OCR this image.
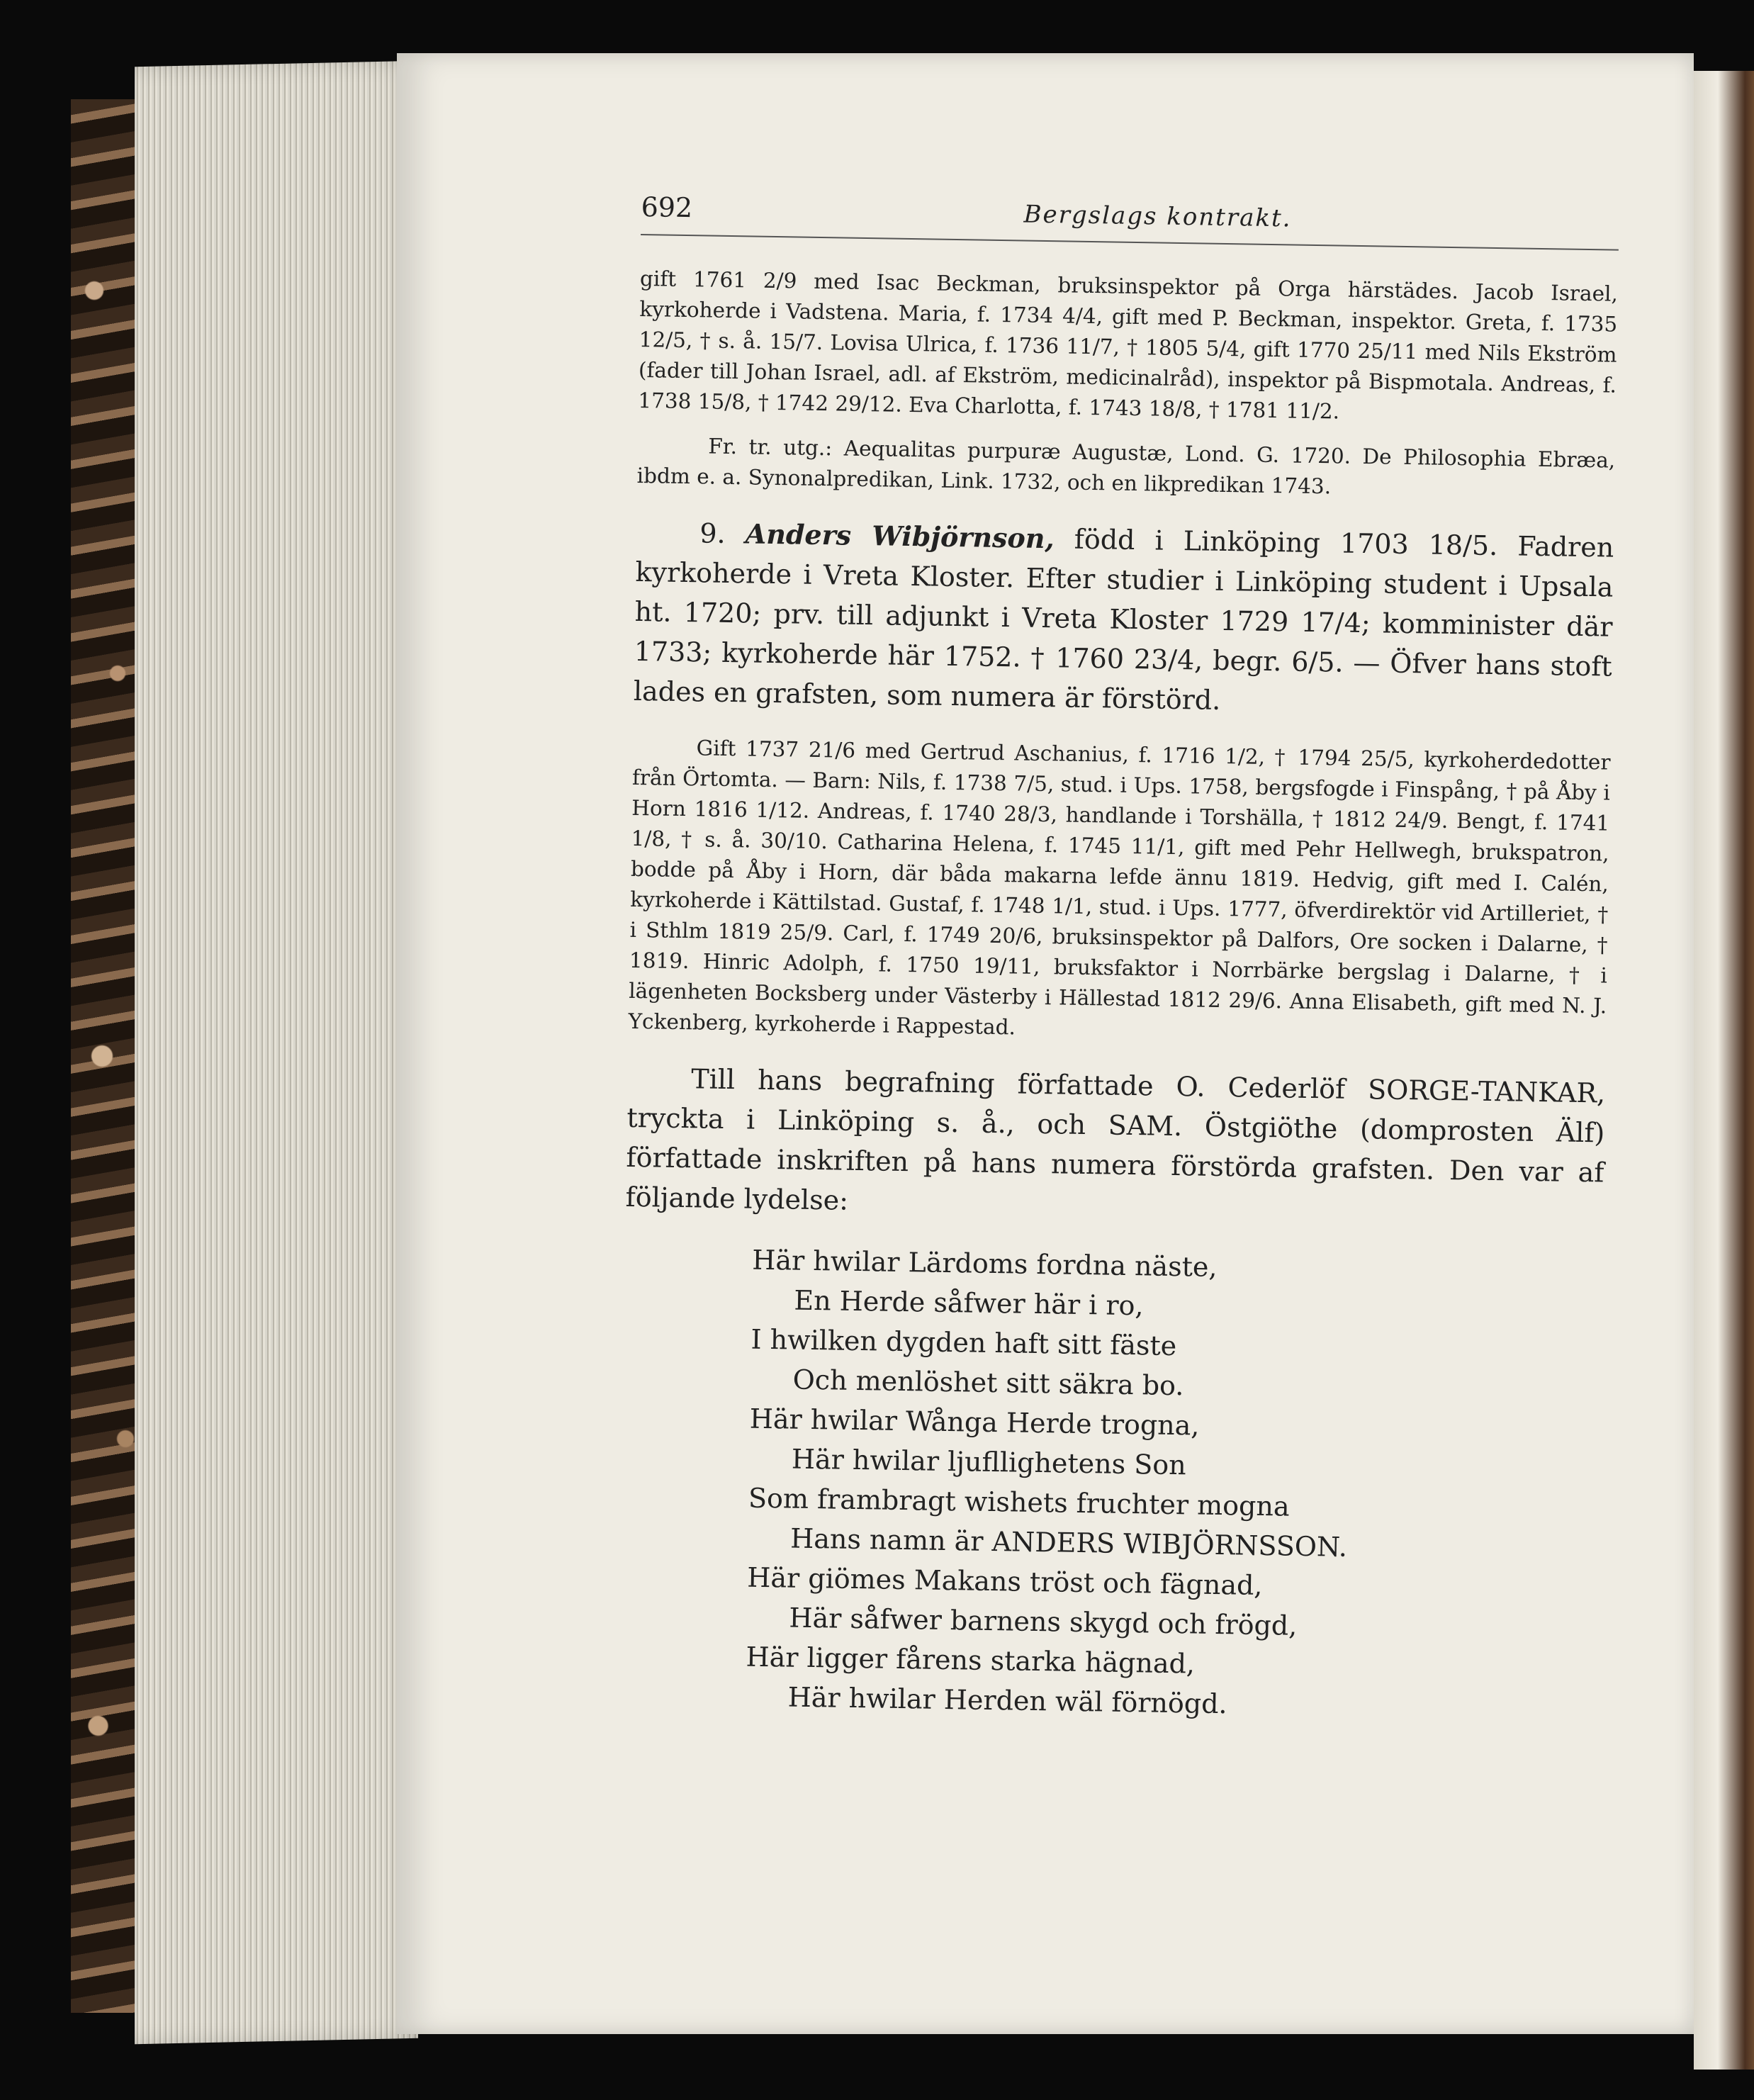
692	Bergslags kontrakt.

gift 1761 2/9 med Isac Beckman, bruksinspektor på Orga härstädes. Jacob Israel, kyrkoherde i Vadstena. Maria, f. 1734 4/4, gift med P. Beckman, inspektor. Greta, f. 1735 12/5, † s. å. 15/7. Lovisa Ulrica, f. 1736 11/7, † 1805 5/4, gift 1770 25/11 med Nils Ekström (fader till Johan Israel, adl. af Ekström, medicinalråd), inspektor på Bispmotala. Andreas, f. 1738 15/8, † 1742 29/12. Eva Charlotta, f. 1743 18/8, † 1781 11/2.

Fr. tr. utg.: Aequalitas purpuræ Augustæ, Lond. G. 1720. De Philosophia Ebræa, ibdm e. a. Synonalpredikan, Link. 1732, och en likpredikan 1743.

9. Anders Wibjörnson, född i Linköping 1703 18/5. Fadren kyrkoherde i Vreta Kloster. Efter studier i Linköping student i Upsala ht. 1720; prv. till adjunkt i Vreta Kloster 1729 17/4; komminister där 1733; kyrkoherde här 1752. † 1760 23/4, begr. 6/5. — Öfver hans stoft lades en grafsten, som numera är förstörd.

Gift 1737 21/6 med Gertrud Aschanius, f. 1716 1/2, † 1794 25/5, kyrkoherdedotter från Örtomta. — Barn: Nils, f. 1738 7/5, stud. i Ups. 1758, bergsfogde i Finspång, † på Åby i Horn 1816 1/12. Andreas, f. 1740 28/3, handlande i Torshälla, † 1812 24/9. Bengt, f. 1741 1/8, † s. å. 30/10. Catharina Helena, f. 1745 11/1, gift med Pehr Hellwegh, brukspatron, bodde på Åby i Horn, där båda makarna lefde ännu 1819. Hedvig, gift med I. Calén, kyrkoherde i Kättilstad. Gustaf, f. 1748 1/1, stud. i Ups. 1777, öfverdirektör vid Artilleriet, † i Sthlm 1819 25/9. Carl, f. 1749 20/6, bruksinspektor på Dalfors, Ore socken i Dalarne, † 1819. Hinric Adolph, f. 1750 19/11, bruksfaktor i Norrbärke bergslag i Dalarne, † i lägenheten Bocksberg under Västerby i Hällestad 1812 29/6. Anna Elisabeth, gift med N. J. Yckenberg, kyrkoherde i Rappestad.

Till hans begrafning författade O. Cederlöf SORGE-TANKAR, tryckta i Linköping s. å., och SAM. Östgiöthe (domprosten Älf) författade inskriften på hans numera förstörda grafsten. Den var af följande lydelse:

Här hwilar Lärdoms fordna näste,
En Herde såfwer här i ro,
I hwilken dygden haft sitt fäste
Och menlöshet sitt säkra bo.
Här hwilar Wånga Herde trogna,
Här hwilar ljufllighetens Son
Som frambragt wishets fruchter mogna
Hans namn är ANDERS WIBJÖRNSSON.
Här giömes Makans tröst och fägnad,
Här såfwer barnens skygd och frögd,
Här ligger fårens starka hägnad,
Här hwilar Herden wäl förnögd.
